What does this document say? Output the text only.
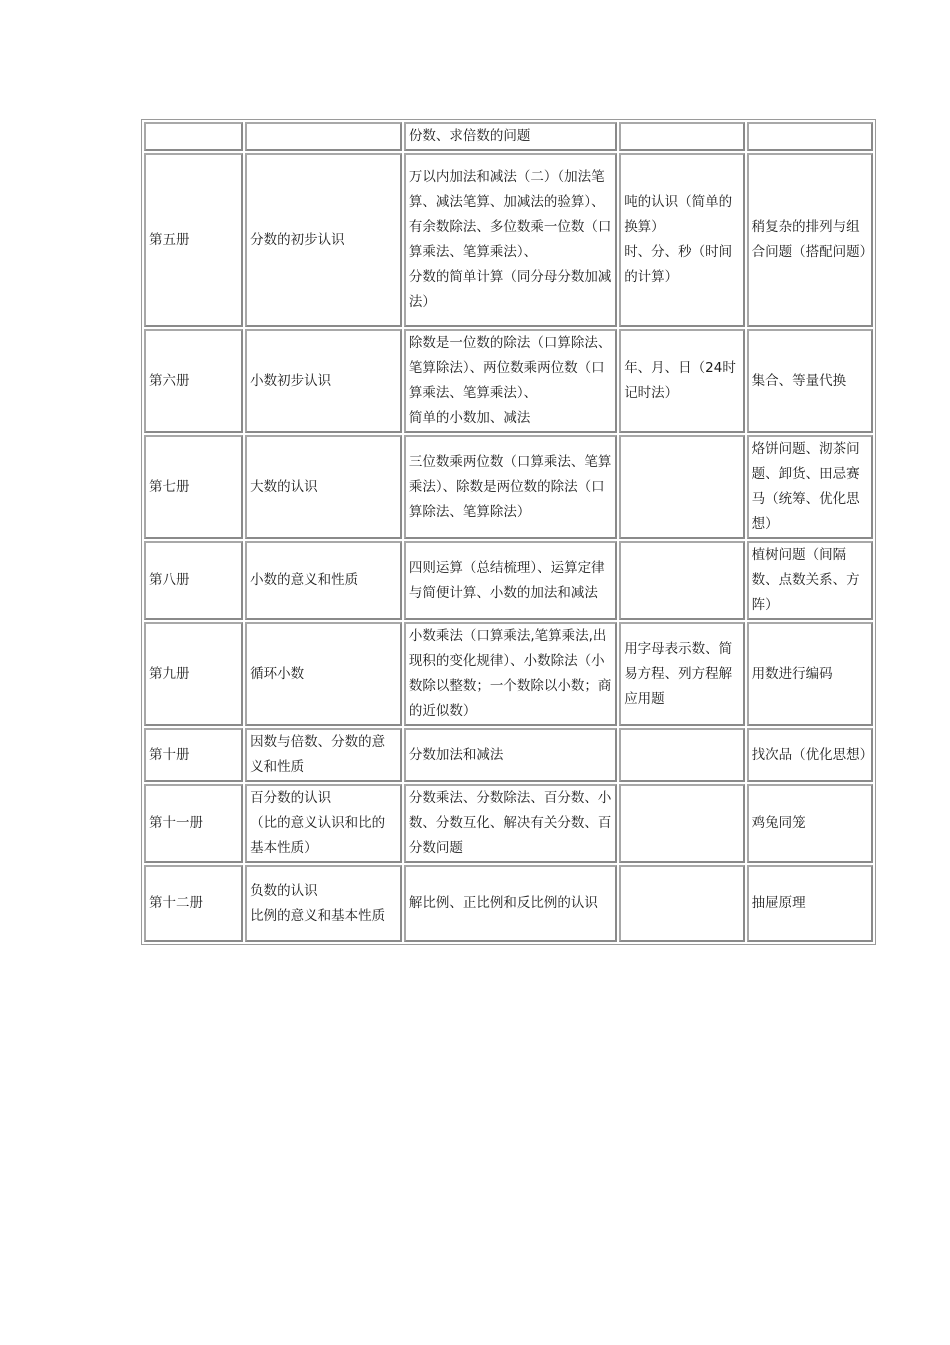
		份数、求倍数的问题		
第五册	分数的初步认识	万以内加法和减法（二）（加法笔算、减法笔算、加减法的验算）、
有余数除法、多位数乘一位数（口算乘法、笔算乘法）、
分数的简单计算（同分母分数加减法）	吨的认识（简单的换算）
时、分、秒（时间的计算）	稍复杂的排列与组合问题（搭配问题）
第六册	小数初步认识	除数是一位数的除法（口算除法、笔算除法）、两位数乘两位数（口算乘法、笔算乘法）、
简单的小数加、减法	年、月、日（24时记时法）	集合、等量代换
第七册	大数的认识	三位数乘两位数（口算乘法、笔算乘法）、除数是两位数的除法（口算除法、笔算除法）		烙饼问题、沏茶问题、卸货、田忌赛马（统筹、优化思想）
第八册	小数的意义和性质	四则运算（总结梳理）、运算定律与简便计算、小数的加法和减法		植树问题（间隔数、点数关系、方阵）
第九册	循环小数	小数乘法（口算乘法,笔算乘法,出现积的变化规律）、小数除法（小数除以整数；一个数除以小数；商的近似数）	用字母表示数、简易方程、列方程解应用题	用数进行编码
第十册	因数与倍数、分数的意义和性质	分数加法和减法		找次品（优化思想）
第十一册	百分数的认识
（比的意义认识和比的基本性质）	分数乘法、分数除法、百分数、小数、分数互化、解决有关分数、百分数问题		鸡兔同笼
第十二册	负数的认识
比例的意义和基本性质	解比例、正比例和反比例的认识		抽屉原理
